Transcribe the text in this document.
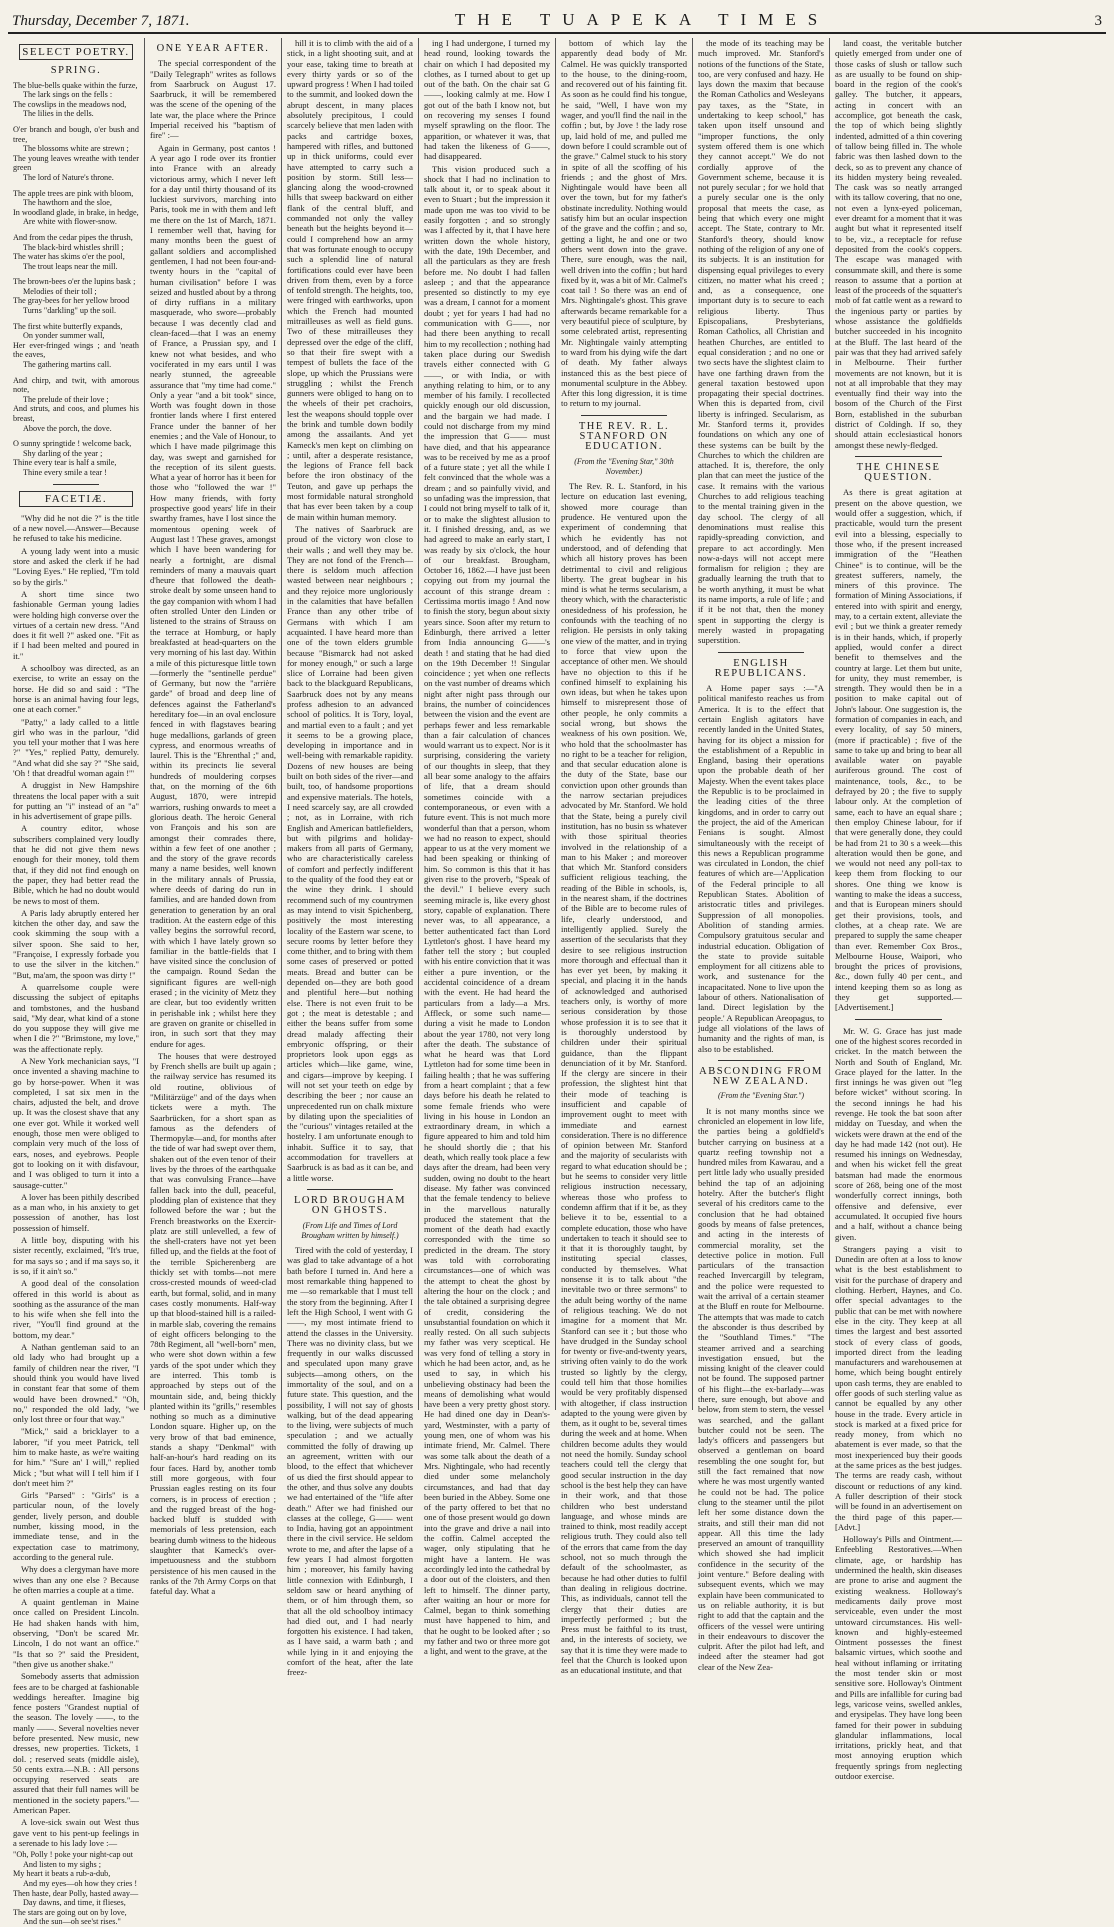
Thursday, December 7, 1871.	THE TUAPEKA TIMES	3
SELECT POETRY.
SPRING.

The blue-bells quake within the furze,

The lark sings on the fells :

The cowslips in the meadows nod,

The lilies in the dells.

O'er branch and bough, o'er bush and tree,

The blossoms white are strewn ;

The young leaves wreathe with tender green

The lord of Nature's throne.

The apple trees are pink with bloom,

The hawthorn and the sloe,

In woodland glade, in brake, in hedge,

Are white with flower-snow.

And from the cedar pipes the thrush,

The black-bird whistles shrill ;

The water has skims o'er the pool,

The trout leaps near the mill.

The brown-bees o'er the lupins bask ;

Melodies of their toll ;

The gray-bees for her yellow brood

Turns "darkling" up the soil.

The first white butterfly expands,

On yonder summer wall,

Her ever-fringed wings ; and 'neath the eaves,

The gathering martins call.

And chirp, and twit, with amorous note,

The prelude of their love ;

And struts, and coos, and plumes his breast,

Above the porch, the dove.

O sunny springtide ! welcome back,

Shy darling of the year ;

Thine every tear is half a smile,

Thine every smile a tear !

FACETIÆ.

"Why did he not die ?" is the title of a new novel.—Answer—Because he refused to take his medicine.

A young lady went into a music store and asked the clerk if he had "Loving Eyes." He replied, "I'm told so by the girls."

A short time since two fashionable German young ladies were holding high converse over the virtues of a certain new dress. "And does it fit well ?" asked one. "Fit as if I had been melted and poured in it."

A schoolboy was directed, as an exercise, to write an essay on the horse. He did so and said : "The horse is an animal having four legs, one at each corner."

"Patty," a lady called to a little girl who was in the parlour, "did you tell your mother that I was here ?" "Yes," replied Patty, demurely. "And what did she say ?" "She said, 'Oh ! that dreadful woman again !'"

A druggist in New Hampshire threatens the local paper with a suit for putting an "i" instead of an "a" in his advertisement of grape pills.

A country editor, whose subscribers complained very loudly that he did not give them news enough for their money, told them that, if they did not find enough on the paper, they had better read the Bible, which he had no doubt would be news to most of them.

A Paris lady abruptly entered her kitchen the other day, and saw the cook skimming the soup with a silver spoon. She said to her, "Françoise, I expressly forbade you to use the silver in the kitchen." "But, ma'am, the spoon was dirty !"

A quarrelsome couple were discussing the subject of epitaphs and tombstones, and the husband said, "My dear, what kind of a stone do you suppose they will give me when I die ?" "Brimstone, my love," was the affectionate reply.

A New York mechanician says, "I once invented a shaving machine to go by horse-power. When it was completed, I sat six men in the chairs, adjusted the belt, and drove up. It was the closest shave that any one ever got. While it worked well enough, those men were obliged to complain very much of the loss of ears, noses, and eyebrows. People got to looking on it with disfavour, and I was obliged to turn it into a sausage-cutter."

A lover has been pithily described as a man who, in his anxiety to get possession of another, has lost possession of himself.

A little boy, disputing with his sister recently, exclaimed, "It's true, for ma says so ; and if ma says so, it is so, if it ain't so."

A good deal of the consolation offered in this world is about as soothing as the assurance of the man to his wife when she fell into the river, "You'll find ground at the bottom, my dear."

A Nathan gentleman said to an old lady who had brought up a family of children near the river, "I should think you would have lived in constant fear that some of them would have been drowned." "Oh, no," responded the old lady, "we only lost three or four that way."

"Mick," said a bricklayer to a laborer, "if you meet Patrick, tell him to make haste, as we're waiting for him." "Sure an' I will," replied Mick ; "but what will I tell him if I don't meet him ?"

Girls "Parsed" : "Girls" is a particular noun, of the lovely gender, lively person, and double number, kissing mood, in the immediate tense, and in the expectation case to matrimony, according to the general rule.

Why does a clergyman have more wives than any one else ? Because he often marries a couple at a time.

A quaint gentleman in Maine once called on President Lincoln. He had shaken hands with him, observing, "Don't be scared Mr. Lincoln, I do not want an office." "Is that so ?" said the President, "then give us another shake."

Somebody asserts that admission fees are to be charged at fashionable weddings hereafter. Imagine big fence posters "Grandest nuptial of the season. The lovely ——, to the manly ——. Several novelties never before presented. New music, new dresses, new properties. Tickets, 1 dol. ; reserved seats (middle aisle), 50 cents extra.—N.B. : All persons occupying reserved seats are assured that their full names will be mentioned in the society papers."—American Paper.

A love-sick swain out West thus gave vent to his pent-up feelings in a serenade to his lady love :—

"Oh, Polly ! poke your night-cap out

And listen to my sighs ;

My heart it beats a rub-a-dub,

And my eyes—oh how they cries !

Then haste, dear Polly, hasted away—

Day dawns, and time, it flieses,

The stars are going out on by love,

And the sun—oh see'st rises."

ONE YEAR AFTER.

The special correspondent of the "Daily Telegraph" writes as follows from Saarbruck on August 17. Saarbruck, it will be remembered was the scene of the opening of the late war, the place where the Prince Imperial received his "baptism of fire" :—

Again in Germany, post cantos ! A year ago I rode over its frontier into France with an already victorious army, which I never left for a day until thirty thousand of its luckiest survivors, marching into Paris, took me in with them and left me there on the 1st of March, 1871. I remember well that, having for many months been the guest of gallant soldiers and accomplished gentlemen, I had not been four-and-twenty hours in the "capital of human civilisation" before I was seized and hustled about by a throng of dirty ruffians in a military masquerade, who swore—probably because I was decently clad and clean-faced—that I was an enemy of France, a Prussian spy, and I knew not what besides, and who vociferated in my ears until I was nearly stunned, the agreeable assurance that "my time had come." Only a year "and a bit took" since, Worth was fought down in those frontier lands where I first entered France under the banner of her enemies ; and the Vale of Honour, to which I have made pilgrimage this day, was swept and garnished for the reception of its silent guests. What a year of horror has it been for those who "followed the war !" How many friends, with forty prospective good years' life in their swarthy frames, have I lost since the momentous opening week of August last ! These graves, amongst which I have been wandering for nearly a fortnight, are dismal reminders of many a mauvais quart d'heure that followed the death-stroke dealt by some unseen hand to the gay companion with whom I had often strolled Unter den Linden or listened to the strains of Strauss on the terrace at Homburg, or haply breakfasted at head-quarters on the very morning of his last day. Within a mile of this picturesque little town—formerly the "sentinelle perdue" of Germany, but now the "arrière garde" of broad and deep line of defences against the Fatherland's hereditary foe—in an oval enclosure fenced in with flagstaves bearing huge medallions, garlands of green cypress, and enormous wreaths of laurel. This is the "Ehrenthal ;" and, within its precincts lie several hundreds of mouldering corpses that, on the morning of the 6th August, 1870, were intrepid warriors, rushing onwards to meet a glorious death. The heroic General von François and his son are amongst their comrades there, within a few feet of one another ; and the story of the grave records many a name besides, well known in the military annals of Prussia, where deeds of daring do run in families, and are handed down from generation to generation by an oral tradition. At the eastern edge of this valley begins the sorrowful record, with which I have lately grown so familiar in the battle-fields that I have visited since the conclusion of the campaign. Round Sedan the significant figures are well-nigh erased ; in the vicinity of Metz they are clear, but too evidently written in perishable ink ; whilst here they are graven on granite or chiselled in iron, in such sort that they may endure for ages.

The houses that were destroyed by French shells are built up again ; the railway service has resumed its old routine, oblivious of "Militärzüge" and of the days when tickets were a myth. The Saarbrücken, for a short span as famous as the defenders of Thermopylæ—and, for months after the tide of war had swept over them, shaken out of the even tenor of their lives by the throes of the earthquake that was convulsing France—have fallen back into the dull, peaceful, plodding plan of existence that they followed before the war ; but the French breastworks on the Exercir-platz are still unlevelled, a few of the shell-craters have not yet been filled up, and the fields at the foot of the terrible Spicherenberg are thickly set with tombs—not mere cross-crested mounds of weed-clad earth, but formal, solid, and in many cases costly monuments. Half-way up that blood-stained hill is a railed-in marble slab, covering the remains of eight officers belonging to the 78th Regiment, all "well-born" men, who were shot down within a few yards of the spot under which they are interred. This tomb is approached by steps out of the mountain side, and, being thickly planted within its "grills," resembles nothing so much as a diminutive London square. Higher up, on the very brow of that bad eminence, stands a shapy "Denkmal" with half-an-hour's hard reading on its four faces. Hard by, another tomb still more gorgeous, with four Prussian eagles resting on its four corners, is in process of erection ; and the rugged breast of the hog-backed bluff is studded with memorials of less pretension, each bearing dumb witness to the hideous slaughter that Kameck's over-impetuousness and the stubborn persistence of his men caused in the ranks of the 7th Army Corps on that fateful day. What a

hill it is to climb with the aid of a stick, in a light shooting suit, and at your ease, taking time to breath at every thirty yards or so of the upward progress ! When I had toiled to the summit, and looked down the abrupt descent, in many places absolutely precipitous, I could scarcely believe that men laden with packs and cartridge boxes, hampered with rifles, and buttoned up in thick uniforms, could ever have attempted to carry such a position by storm. Still less—glancing along the wood-crowned hills that sweep backward on either flank of the central bluff, and commanded not only the valley beneath but the heights beyond it—could I comprehend how an army that was fortunate enough to occupy such a splendid line of natural fortifications could ever have been driven from them, even by a force of tenfold strength. The heights, too, were fringed with earthworks, upon which the French had mounted mitrailleuses as well as field guns. Two of these mitrailleuses they depressed over the edge of the cliff, so that their fire swept with a tempest of bullets the face of the slope, up which the Prussians were struggling ; whilst the French gunners were obliged to hang on to the wheels of their pet crachoirs, lest the weapons should topple over the brink and tumble down bodily among the assailants. And yet Kameck's men kept on climbing on ; until, after a desperate resistance, the legions of France fell back before the iron obstinacy of the Teuton, and gave up perhaps the most formidable natural stronghold that has ever been taken by a coup de main within human memory.

The natives of Saarbruck are proud of the victory won close to their walls ; and well they may be. They are not fond of the French—there is seldom much affection wasted between near neighbours ; and they rejoice more ungloriously in the calamities that have befallen France than any other tribe of Germans with which I am acquainted. I have heard more than one of the town elders grumble because "Bismarck had not asked for money enough," or such a large slice of Lorraine had been given back to the blackguard Republicans, Saarbruck does not by any means profess adhesion to an advanced school of politics. It is Tory, loyal, and martial even to a fault ; and yet it seems to be a growing place, developing in importance and in well-being with remarkable rapidity. Dozens of new houses are being built on both sides of the river—and built, too, of handsome proportions and expensive materials. The hotels, I need scarcely say, are all crowded ; not, as in Lorraine, with rich English and American battlefielders, but with pilgrims and holiday-makers from all parts of Germany, who are characteristically careless of comfort and perfectly indifferent to the quality of the food they eat or the wine they drink. I should recommend such of my countrymen as may intend to visit Spichenberg, positively the most interesting locality of the Eastern war scene, to secure rooms by letter before they come thither, and to bring with them some cases of preserved or potted meats. Bread and butter can be depended on—they are both good and plentiful here—but nothing else. There is not even fruit to be got ; the meat is detestable ; and either the beans suffer from some dread malady affecting their embryonic offspring, or their proprietors look upon eggs as articles which—like game, wine, and cigars—improve by keeping. I will not set your teeth on edge by describing the beer ; nor cause an unprecedented run on chalk mixture by dilating upon the specialities of the "curious" vintages retailed at the hostelry. I am unfortunate enough to inhabit. Suffice it to say, that accommodation for travellers at Saarbruck is as bad as it can be, and a little worse.

LORD BROUGHAM ON GHOSTS.
(From Life and Times of Lord Brougham written by himself.)

Tired with the cold of yesterday, I was glad to take advantage of a hot bath before I turned in. And here a most remarkable thing happened to me —so remarkable that I must tell the story from the beginning. After I left the High School, I went with G——, my most intimate friend to attend the classes in the University. There was no divinity class, but we frequently in our walks discussed and speculated upon many grave subjects—among others, on the immortality of the soul, and on a future state. This question, and the possibility, I will not say of ghosts walking, but of the dead appearing to the living, were subjects of much speculation ; and we actually committed the folly of drawing up an agreement, written with our blood, to the effect that whichever of us died the first should appear to the other, and thus solve any doubts we had entertained of the "life after death." After we had finished our classes at the college, G—— went to India, having got an appointment there in the civil service. He seldom wrote to me, and after the lapse of a few years I had almost forgotten him ; moreover, his family having little connexion with Edinburgh, I seldom saw or heard anything of them, or of him through them, so that all the old schoolboy intimacy had died out, and I had nearly forgotten his existence. I had taken, as I have said, a warm bath ; and while lying in it and enjoying the comfort of the heat, after the late freez-

ing I had undergone, I turned my head round, looking towards the chair on which I had deposited my clothes, as I turned about to get up out of the bath. On the chair sat G——, looking calmly at me. How I got out of the bath I know not, but on recovering my senses I found myself sprawling on the floor. The apparition, or whatever it was, that had taken the likeness of G——, had disappeared.

This vision produced such a shock that I had no inclination to talk about it, or to speak about it even to Stuart ; but the impression it made upon me was too vivid to be easily forgotten ; and so strongly was I affected by it, that I have here written down the whole history, with the date, 19th December, and all the particulars as they are fresh before me. No doubt I had fallen asleep ; and that the appearance presented so distinctly to my eye was a dream, I cannot for a moment doubt ; yet for years I had had no communication with G——, nor had there been anything to recall him to my recollection ; nothing had taken place during our Swedish travels either connected with G——, or with India, or with anything relating to him, or to any member of his family. I recollected quickly enough our old discussion, and the bargain we had made. I could not discharge from my mind the impression that G—— must have died, and that his appearance was to be received by me as a proof of a future state ; yet all the while I felt convinced that the whole was a dream ; and so painfully vivid, and so unfading was the impression, that I could not bring myself to talk of it, or to make the slightest allusion to it. I finished dressing, and, as we had agreed to make an early start, I was ready by six o'clock, the hour of our breakfast. Brougham, October 16, 1862.—I have just been copying out from my journal the account of this strange dream : Certissima mortis imago ! And now to finish the story, begun about sixty years since. Soon after my return to Edinburgh, there arrived a letter from India announcing G——'s death ! and stating that he had died on the 19th December !! Singular coincidence ; yet when one reflects on the vast number of dreams which night after night pass through our brains, the number of coincidences between the vision and the event are perhaps fewer and less remarkable than a fair calculation of chances would warrant us to expect. Nor is it surprising, considering the variety of our thoughts in sleep, that they all bear some analogy to the affairs of life, that a dream should sometimes coincide with a contemporaneous, or even with a future event. This is not much more wonderful than that a person, whom we had no reason to expect, should appear to us at the very moment we had been speaking or thinking of him. So common is this that it has given rise to the proverb, "Speak of the devil." I believe every such seeming miracle is, like every ghost story, capable of explanation. There never was, to all appearance, a better authenticated fact than Lord Lyttleton's ghost. I have heard my father tell the story ; but coupled with his entire conviction that it was either a pure invention, or the accidental coincidence of a dream with the event. He had heard the particulars from a lady—a Mrs. Affleck, or some such name—during a visit he made to London about the year 1780, not very long after the death. The substance of what he heard was that Lord Lyttleton had for some time been in failing health ; that he was suffering from a heart complaint ; that a few days before his death he related to some female friends who were living in his house in London an extraordinary dream, in which a figure appeared to him and told him he should shortly die ; that his death, which really took place a few days after the dream, had been very sudden, owing no doubt to the heart disease. My father was convinced that the female tendency to believe in the marvellous naturally produced the statement that the moment of the death had exactly corresponded with the time so predicted in the dream. The story was told with corroborating circumstances—one of which was the attempt to cheat the ghost by altering the hour on the clock ; and the tale obtained a surprising degree of credit, considering the unsubstantial foundation on which it really rested. On all such subjects my father was very sceptical. He was very fond of telling a story in which he had been actor, and, as he used to say, in which his unbelieving obstinacy had been the means of demolishing what would have been a very pretty ghost story. He had dined one day in Dean's-yard, Westminster, with a party of young men, one of whom was his intimate friend, Mr. Calmel. There was some talk about the death of a Mrs. Nightingale, who had recently died under some melancholy circumstances, and had that day been buried in the Abbey. Some one of the party offered to bet that no one of those present would go down into the grave and drive a nail into the coffin. Calmel accepted the wager, only stipulating that he might have a lantern. He was accordingly led into the cathedral by a door out of the cloisters, and then left to himself. The dinner party, after waiting an hour or more for Calmel, began to think something must have happened to him, and that he ought to be looked after ; so my father and two or three more got a light, and went to the grave, at the

bottom of which lay the apparently dead body of Mr. Calmel. He was quickly transported to the house, to the dining-room, and recovered out of his fainting fit. As soon as he could find his tongue, he said, "Well, I have won my wager, and you'll find the nail in the coffin ; but, by Jove ! the lady rose up, laid hold of me, and pulled me down before I could scramble out of the grave." Calmel stuck to his story in spite of all the scoffing of his friends ; and the ghost of Mrs. Nightingale would have been all over the town, but for my father's obstinate incredulity. Nothing would satisfy him but an ocular inspection of the grave and the coffin ; and so, getting a light, he and one or two others went down into the grave. There, sure enough, was the nail, well driven into the coffin ; but hard fixed by it, was a bit of Mr. Calmel's coat tail ! So there was an end of Mrs. Nightingale's ghost. This grave afterwards became remarkable for a very beautiful piece of sculpture, by some celebrated artist, representing Mr. Nightingale vainly attempting to ward from his dying wife the dart of death. My father always instanced this as the best piece of monumental sculpture in the Abbey. After this long digression, it is time to return to my journal.

THE REV. R. L. STANFORD ON EDUCATION.
(From the "Evening Star," 30th November.)

The Rev. R. L. Stanford, in his lecture on education last evening, showed more courage than prudence. He ventured upon the experiment of condemning that which he evidently has not understood, and of defending that which all history proves has been detrimental to civil and religious liberty. The great bugbear in his mind is what he terms secularism, a theory which, with the characteristic onesidedness of his profession, he confounds with the teaching of no religion. He persists in only taking one view of the matter, and in trying to force that view upon the acceptance of other men. We should have no objection to this if he confined himself to explaining his own ideas, but when he takes upon himself to misrepresent those of other people, he only commits a social wrong, but shows the weakness of his own position. We, who hold that the schoolmaster has no right to be a teacher for religion, and that secular education alone is the duty of the State, base our conviction upon other grounds than the narrow sectarian prejudices advocated by Mr. Stanford. We hold that the State, being a purely civil institution, has no busin ss whatever with those spiritual theories involved in the relationship of a man to his Maker ; and moreover that which Mr. Stanford considers sufficient religious teaching, the reading of the Bible in schools, is, in the nearest sham, if the doctrines of the Bible are to become rules of life, clearly understood, and intelligently applied. Surely the assertion of the secularists that they desire to see religious instruction more thorough and effectual than it has ever yet been, by making it special, and placing it in the hands of acknowledged and authorised teachers only, is worthy of more serious consideration by those whose profession it is to see that it is thoroughly understood by children under their spiritual guidance, than the flippant denunciation of it by Mr. Stanford. If the clergy are sincere in their profession, the slightest hint that their mode of teaching is insufficient and capable of improvement ought to meet with immediate and earnest consideration. There is no difference of opinion between Mr. Stanford and the majority of secularists with regard to what education should be ; but he seems to consider very little religious instruction necessary, whereas those who profess to condemn affirm that if it be, as they believe it to be, essential to a complete education, those who have undertaken to teach it should see to it that it is thoroughly taught, by instituting special classes, conducted by themselves. What nonsense it is to talk about "the inevitable two or three sermons" to the adult being worthy of the name of religious teaching. We do not imagine for a moment that Mr. Stanford can see it ; but those who have drudged in the Sunday school for twenty or five-and-twenty years, striving often vainly to do the work trusted so lightly by the clergy, could tell him that those homilies would be very profitably dispensed with altogether, if class instruction adapted to the young were given by them, as it ought to be, several times during the week and at home. When children become adults they would not need the homily. Sunday school teachers could tell the clergy that good secular instruction in the day school is the best help they can have in their work, and that those children who best understand language, and whose minds are trained to think, most readily accept religious truth. They could also tell of the errors that came from the day school, not so much through the default of the schoolmaster, as because he had other duties to fulfil than dealing in religious doctrine. This, as individuals, cannot tell the clergy that their duties are imperfectly performed ; but the Press must be faithful to its trust, and, in the interests of society, we say that it is time they were made to feel that the Church is looked upon as an educational institute, and that

the mode of its teaching may be much improved. Mr. Stanford's notions of the functions of the State, too, are very confused and hazy. He lays down the maxim that because the Roman Catholics and Wesleyans pay taxes, as the "State, in undertaking to keep school," has taken upon itself unsound and "improper functions, the only system offered them is one which they cannot accept." We do not cordially approve of the Government scheme, because it is not purely secular ; for we hold that a purely secular one is the only proposal that meets the case, as being that which every one might accept. The State, contrary to Mr. Stanford's theory, should know nothing of the religion of any one of its subjects. It is an institution for dispensing equal privileges to every citizen, no matter what his creed ; and, as a consequence, one important duty is to secure to each religious liberty. Thus Episcopalians, Presbyterians, Roman Catholics, all Christian and heathen Churches, are entitled to equal consideration ; and no one or two sects have the slightest claim to have one farthing drawn from the general taxation bestowed upon propagating their special doctrines. When this is departed from, civil liberty is infringed. Secularism, as Mr. Stanford terms it, provides foundations on which any one of these systems can be built by the Churches to which the children are attached. It is, therefore, the only plan that can meet the justice of the case. It remains with the various Churches to add religious teaching to the mental training given in the day school. The clergy of all denominations must realise this rapidly-spreading conviction, and prepare to act accordingly. Men now-a-days will not accept mere formalism for religion ; they are gradually learning the truth that to be worth anything, it must be what its name imports, a rule of life ; and if it be not that, then the money spent in supporting the clergy is merely wasted in propagating superstition.

ENGLISH REPUBLICANS.

A Home paper says :—"A political manifesto reaches us from America. It is to the effect that certain English agitators have recently landed in the United States, having for its object a mission for the establishment of a Republic in England, basing their operations upon the probable death of her Majesty. When the event takes place the Republic is to be proclaimed in the leading cities of the three kingdoms, and in order to carry out the project, the aid of the American Fenians is sought. Almost simultaneously with the receipt of this news a Republican programme was circulated in London, the chief features of which are—'Application of the Federal principle to all Republican States. Abolition of aristocratic titles and privileges. Suppression of all monopolies. Abolition of standing armies. Compulsory gratuitous secular and industrial education. Obligation of the state to provide suitable employment for all citizens able to work, and sustenance for the incapacitated. None to live upon the labour of others. Nationalisation of land. Direct legislation by the people.' A Republican Areopagus, to judge all violations of the laws of humanity and the rights of man, is also to be established.

ABSCONDING FROM NEW ZEALAND.
(From the "Evening Star.")

It is not many months since we chronicled an elopement in low life, the parties being a goldfield's butcher carrying on business at a quartz reefing township not a hundred miles from Kawarau, and a pert little lady who usually presided behind the tap of an adjoining hotelry. After the butcher's flight several of his creditors came to the conclusion that he had obtained goods by means of false pretences, and acting in the interests of commercial morality, set the detective police in motion. Full particulars of the transaction reached Invercargill by telegram, and the police were requested to wait the arrival of a certain steamer at the Bluff en route for Melbourne. The attempts that was made to catch the absconder is thus described by the "Southland Times." "The steamer arrived and a searching investigation ensued, but the missing knight of the cleaver could not be found. The supposed partner of his flight—the ex-barlady—was there, sure enough, but above and below, from stem to stern, the vessel was searched, and the gallant butcher could not be seen. The lady's officers and passengers but observed a gentleman on board resembling the one sought for, but still the fact remained that now where he was most urgently wanted he could not be had. The police clung to the steamer until the pilot left her some distance down the straits, and still their man did not appear. All this time the lady preserved an amount of tranquillity which showed she had implicit confidence in the security of the joint venture." Before dealing with subsequent events, which we may explain have been communicated to us on reliable authority, it is but right to add that the captain and the officers of the vessel were untiring in their endeavours to discover the culprit. After the pilot had left, and indeed after the steamer had got clear of the New Zea-

land coast, the veritable butcher quietly emerged from under one of those casks of slush or tallow such as are usually to be found on ship-board in the region of the cook's galley. The butcher, it appears, acting in concert with an accomplice, got beneath the cask, the top of which being slightly indented, admitted of a thin covering of tallow being filled in. The whole fabric was then lashed down to the deck, so as to prevent any chance of its hidden mystery being revealed. The cask was so neatly arranged with its tallow covering, that no one, not even a lynx-eyed policeman, ever dreamt for a moment that it was aught but what it represented itself to be, viz., a receptacle for refuse deposited from the cook's coppers. The escape was managed with consummate skill, and there is some reason to assume that a portion at least of the proceeds of the squatter's mob of fat cattle went as a reward to the ingenious party or parties by whose assistance the goldfields butcher succeeded in his incognito at the Bluff. The last heard of the pair was that they had arrived safely in Melbourne. Their further movements are not known, but it is not at all improbable that they may eventually find their way into the bosom of the Church of the First Born, established in the suburban district of Coldingh. If so, they should attain ecclesiastical honors amongst these newly-fledged.

THE CHINESE QUESTION.

As there is great agitation at present on the above question, we would offer a suggestion, which, if practicable, would turn the present evil into a blessing, especially to those who, if the present increased immigration of the "Heathen Chinee" is to continue, will be the greatest sufferers, namely, the miners of this province. The formation of Mining Associations, if entered into with spirit and energy, may, to a certain extent, alleviate the evil ; but we think a greater remedy is in their hands, which, if properly applied, would confer a direct benefit to themselves and the country at large. Let them but unite, for unity, they must remember, is strength. They would then be in a position to make capital out of John's labour. One suggestion is, the formation of companies in each, and every locality, of say 50 miners, (more if practicable) ; five of the same to take up and bring to bear all available water on payable auriferous ground. The cost of maintenance, tools, &c., to be defrayed by 20 ; the five to supply labour only. At the completion of same, each to have an equal share ; then employ Chinese labour, for if that were generally done, they could be had from 21 to 30 s a week—this alteration would then be gone, and we would not need any poll-tax to keep them from flocking to our shores. One thing we know is wanting to make the ideas a success, and that is European miners should get their provisions, tools, and clothes, at a cheap rate. We are prepared to supply the same cheaper than ever. Remember Cox Bros., Melbourne House, Waipori, who brought the prices of provisions, &c., down fully 40 per cent., and intend keeping them so as long as they get supported.—[Advertisement.]

Mr. W. G. Grace has just made one of the highest scores recorded in cricket. In the match between the North and South of England, Mr. Grace played for the latter. In the first innings he was given out "leg before wicket" without scoring. In the second innings he had his revenge. He took the bat soon after midday on Tuesday, and when the wickets were drawn at the end of the day he had made 142 (not out). He resumed his innings on Wednesday, and when his wicket fell the great batsman had made the enormous score of 268, being one of the most wonderfully correct innings, both offensive and defensive, ever accumulated. It occupied five hours and a half, without a chance being given.

Strangers paying a visit to Dunedin are often at a loss to know what is the best establishment to visit for the purchase of drapery and clothing. Herbert, Haynes, and Co. offer special advantages to the public that can be met with nowhere else in the city. They keep at all times the largest and best assorted stock of every class of goods, imported direct from the leading manufacturers and warehousemen at home, which being bought entirely upon cash terms, they are enabled to offer goods of such sterling value as cannot be equalled by any other house in the trade. Every article in stock is marked at a fixed price for ready money, from which no abatement is ever made, so that the most inexperienced buy their goods at the same prices as the best judges. The terms are ready cash, without discount or reductions of any kind. A fuller description of their stock will be found in an advertisement on the third page of this paper.—[Advt.]

Holloway's Pills and Ointment.—Enfeebling Restoratives.—When climate, age, or hardship has undermined the health, skin diseases are prone to arise and augment the existing weakness. Holloway's medicaments daily prove most serviceable, even under the most untoward circumstances. His well-known and highly-esteemed Ointment possesses the finest balsamic virtues, which soothe and heal without inflaming or irritating the most tender skin or most sensitive sore. Holloway's Ointment and Pills are infallible for curing bad legs, varicose veins, swelled ankles, and erysipelas. They have long been famed for their power in subduing glandular inflammations, local irritations, prickly heat, and that most annoying eruption which frequently springs from neglecting outdoor exercise.
